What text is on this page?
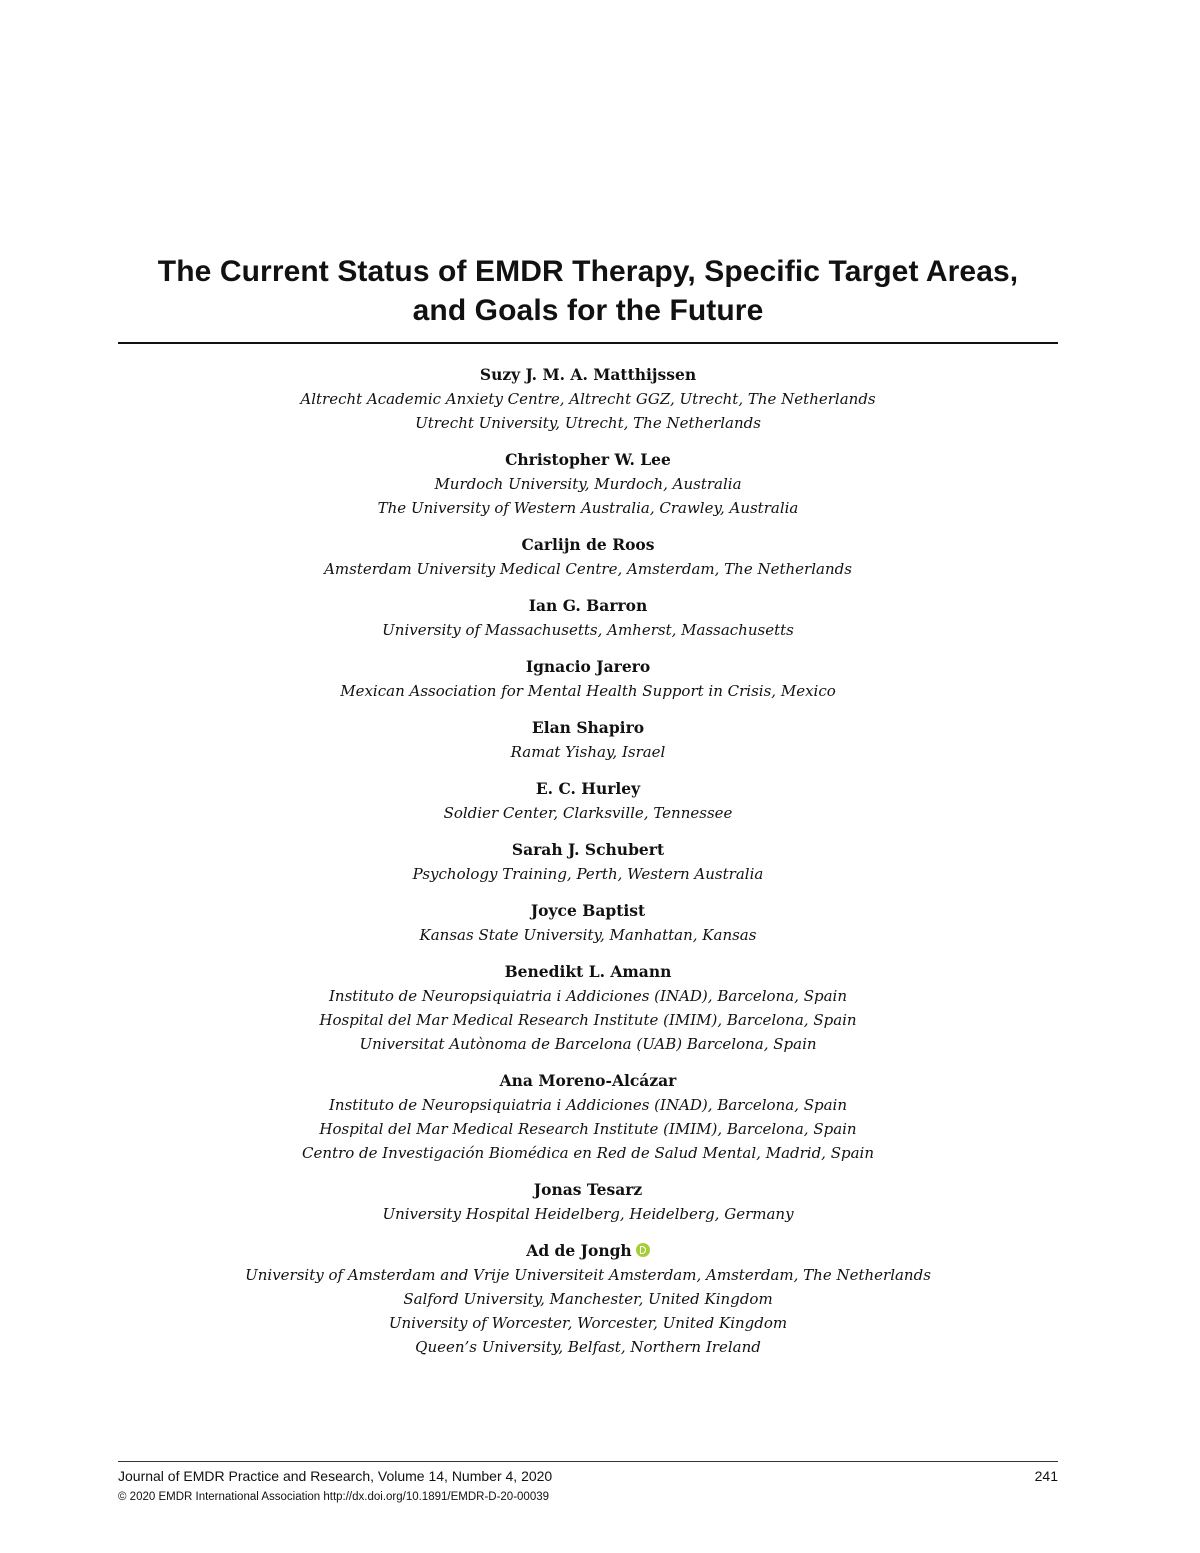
The Current Status of EMDR Therapy, Specific Target Areas,
and Goals for the Future
Suzy J. M. A. Matthijssen
Altrecht Academic Anxiety Centre, Altrecht GGZ, Utrecht, The Netherlands
Utrecht University, Utrecht, The Netherlands
Christopher W. Lee
Murdoch University, Murdoch, Australia
The University of Western Australia, Crawley, Australia
Carlijn de Roos
Amsterdam University Medical Centre, Amsterdam, The Netherlands
Ian G. Barron
University of Massachusetts, Amherst, Massachusetts
Ignacio Jarero
Mexican Association for Mental Health Support in Crisis, Mexico
Elan Shapiro
Ramat Yishay, Israel
E. C. Hurley
Soldier Center, Clarksville, Tennessee
Sarah J. Schubert
Psychology Training, Perth, Western Australia
Joyce Baptist
Kansas State University, Manhattan, Kansas
Benedikt L. Amann
Instituto de Neuropsiquiatria i Addiciones (INAD), Barcelona, Spain
Hospital del Mar Medical Research Institute (IMIM), Barcelona, Spain
Universitat Autònoma de Barcelona (UAB) Barcelona, Spain
Ana Moreno-Alcázar
Instituto de Neuropsiquiatria i Addiciones (INAD), Barcelona, Spain
Hospital del Mar Medical Research Institute (IMIM), Barcelona, Spain
Centro de Investigación Biomédica en Red de Salud Mental, Madrid, Spain
Jonas Tesarz
University Hospital Heidelberg, Heidelberg, Germany
Ad de Jongh
University of Amsterdam and Vrije Universiteit Amsterdam, Amsterdam, The Netherlands
Salford University, Manchester, United Kingdom
University of Worcester, Worcester, United Kingdom
Queen’s University, Belfast, Northern Ireland
Journal of EMDR Practice and Research, Volume 14, Number 4, 2020	241
© 2020 EMDR International Association http://dx.doi.org/10.1891/EMDR-D-20-00039
